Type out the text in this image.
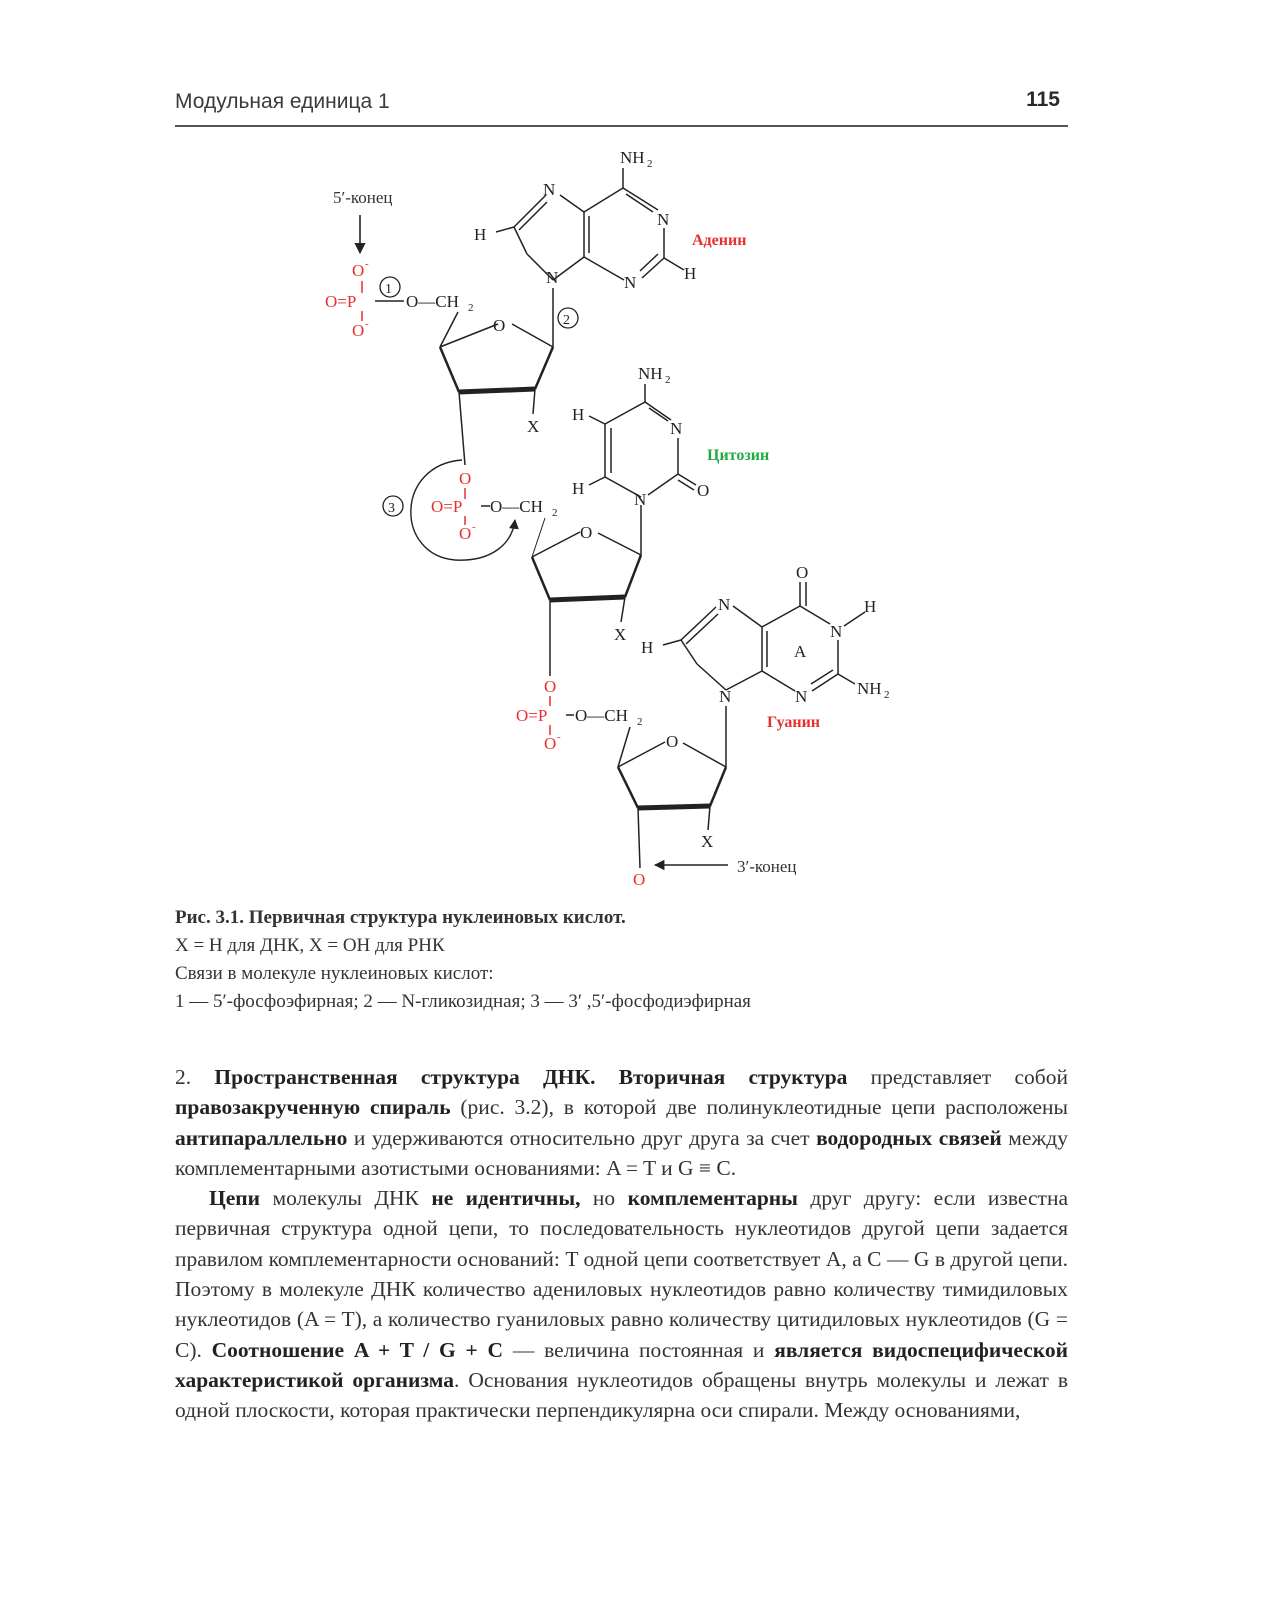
Модульная единица 1	115
5′-конец
O -
O=P
O -
1
O—CH 2
O
X
2
N
N
N
N
H
H
NH 2
Аденин
O
O=P
O -
O—CH 2
3
O
X
N
N
O
H
H
NH 2
Цитозин
O
O=P
O -
O—CH 2
O
X
N
N
N
N
O
H
H	A
NH 2
Гуанин
O
3′-конец
Рис. 3.1. Первичная структура нуклеиновых кислот.
X = H для ДНК, X = OH для РНК
Связи в молекуле нуклеиновых кислот:
1 — 5′-фосфоэфирная; 2 — N-гликозидная; 3 — 3′ ,5′-фосфодиэфирная

2. Пространственная структура ДНК. Вторичная структура представляет собой правозакрученную спираль (рис. 3.2), в которой две полинуклеотидные цепи расположены антипараллельно и удерживаются относительно друг друга за счет водородных связей между комплементарными азотистыми основаниями: A = T и G ≡ C.

Цепи молекулы ДНК не идентичны, но комплементарны друг другу: если известна первичная структура одной цепи, то последовательность нуклеотидов другой цепи задается правилом комплементарности оснований: T одной цепи соответствует A, а C — G в другой цепи. Поэтому в молекуле ДНК количество адениловых нуклеотидов равно количеству тимидиловых нуклеотидов (A = T), а количество гуаниловых равно количеству цитидиловых нуклеотидов (G = C). Соотношение A + T / G + C — величина постоянная и является видоспецифической характеристикой организма. Основания нуклеотидов обращены внутрь молекулы и лежат в одной плоскости, которая практически перпендикулярна оси спирали. Между основаниями,
